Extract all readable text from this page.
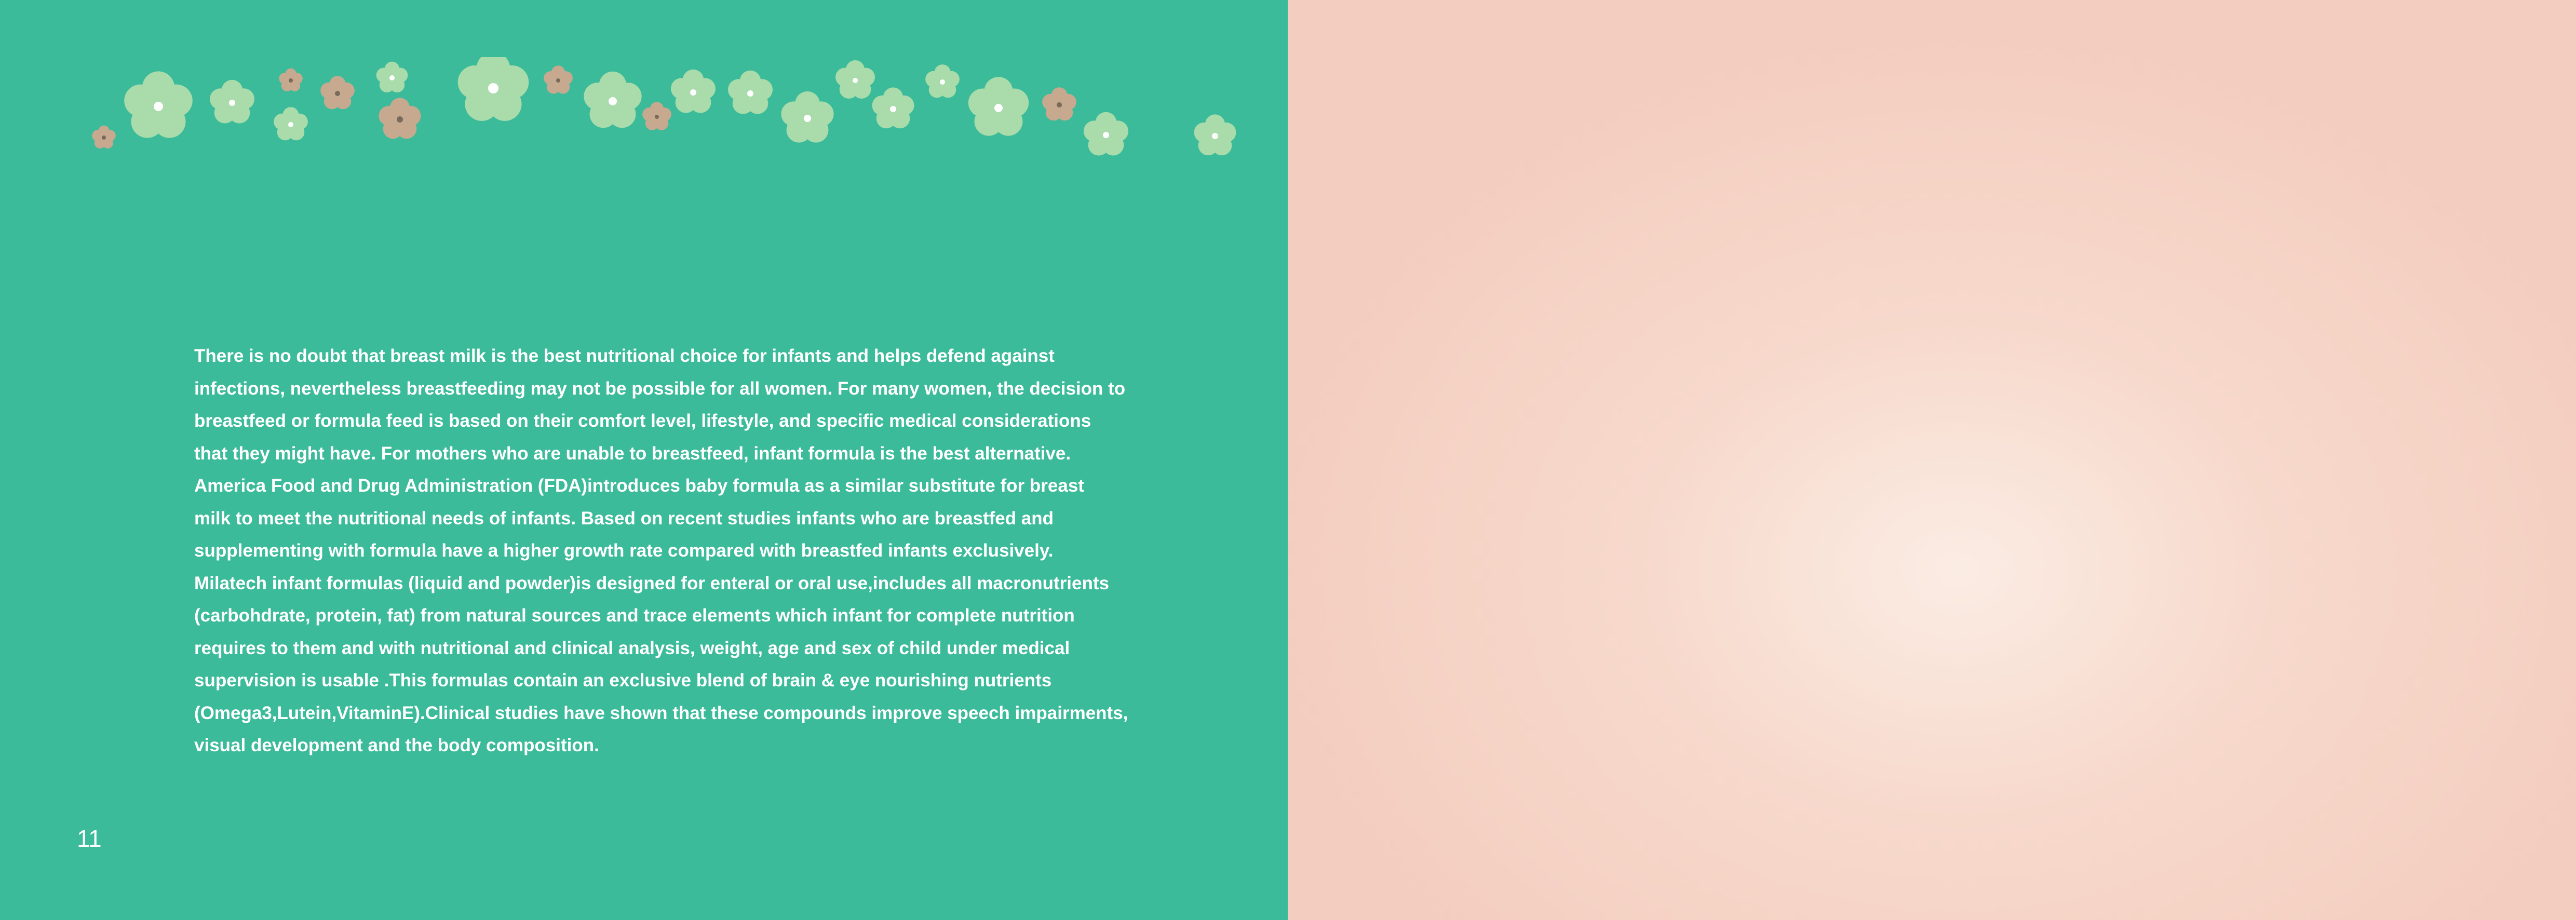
There is no doubt that breast milk is the best nutritional choice for infants and helps defend against
infections, nevertheless breastfeeding may not be possible for all women. For many women, the decision to
breastfeed or formula feed is based on their comfort level, lifestyle, and specific medical considerations
that they might have. For mothers who are unable to breastfeed, infant formula is the best alternative.
America Food and Drug Administration (FDA)introduces baby formula as a similar substitute for breast
milk to meet the nutritional needs of infants. Based on recent studies infants who are breastfed and
supplementing with formula have a higher growth rate compared with breastfed infants exclusively.
Milatech infant formulas (liquid and powder)is designed for enteral or oral use,includes all macronutrients
(carbohdrate, protein, fat) from natural sources and trace elements which infant for complete nutrition
requires to them and with nutritional and clinical analysis, weight, age and sex of child under medical
supervision is usable .This formulas contain an exclusive blend of brain & eye nourishing nutrients
(Omega3,Lutein,VitaminE).Clinical studies have shown that these compounds improve speech impairments,
visual development and the body composition.
11
